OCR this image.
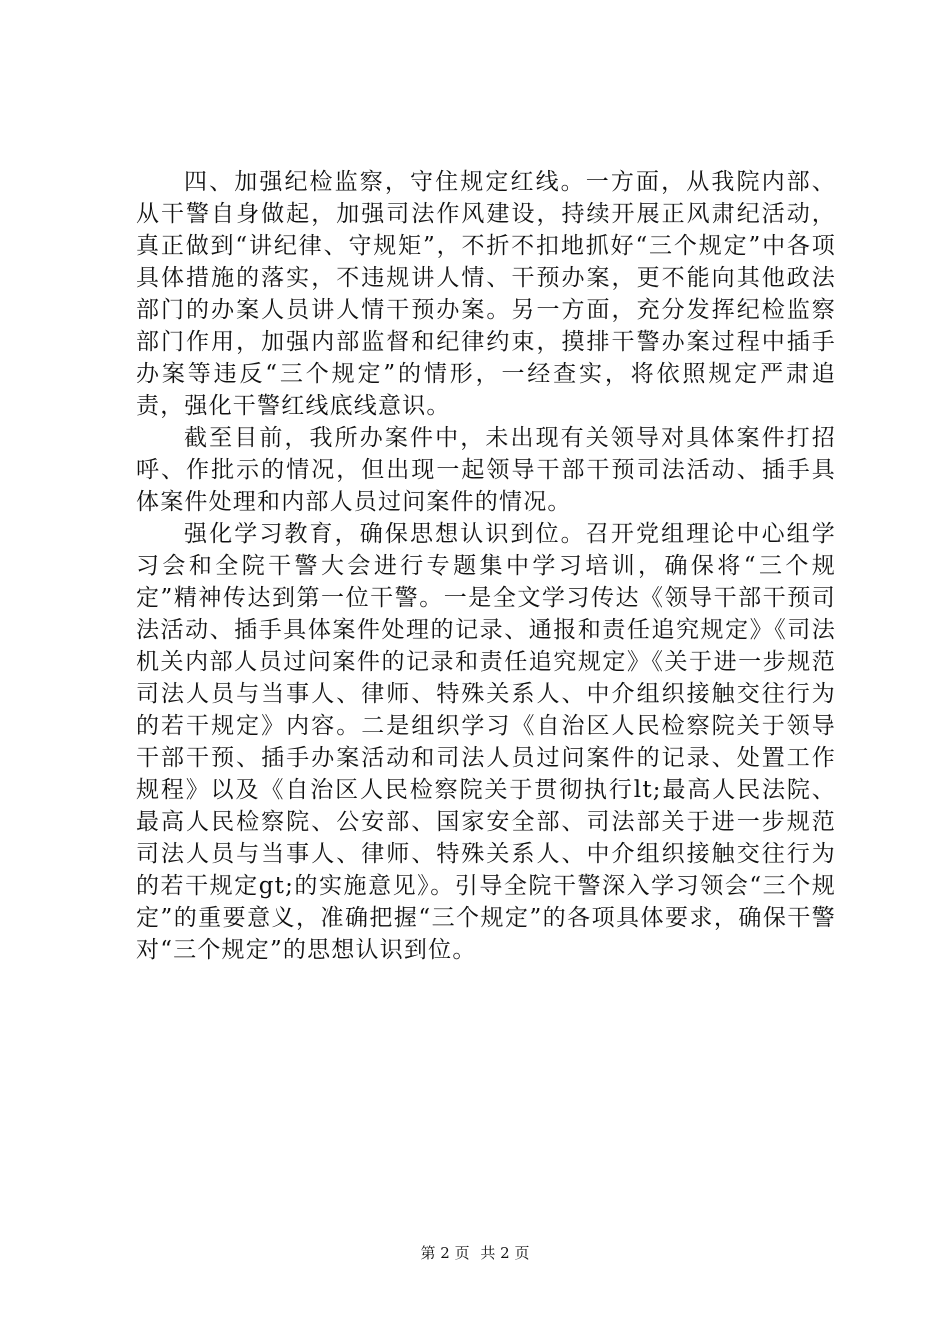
四、加强纪检监察，守住规定红线。一方面，从我院内部、从干警自身做起，加强司法作风建设，持续开展正风肃纪活动，真正做到“讲纪律、守规矩”，不折不扣地抓好“三个规定”中各项具体措施的落实，不违规讲人情、干预办案，更不能向其他政法部门的办案人员讲人情干预办案。另一方面，充分发挥纪检监察部门作用，加强内部监督和纪律约束，摸排干警办案过程中插手办案等违反“三个规定”的情形，一经查实，将依照规定严肃追责，强化干警红线底线意识。

截至目前，我所办案件中，未出现有关领导对具体案件打招呼、作批示的情况，但出现一起领导干部干预司法活动、插手具体案件处理和内部人员过问案件的情况。

强化学习教育，确保思想认识到位。召开党组理论中心组学习会和全院干警大会进行专题集中学习培训，确保将“三个规定”精神传达到第一位干警。一是全文学习传达《领导干部干预司法活动、插手具体案件处理的记录、通报和责任追究规定》《司法机关内部人员过问案件的记录和责任追究规定》《关于进一步规范司法人员与当事人、律师、特殊关系人、中介组织接触交往行为的若干规定》内容。二是组织学习《自治区人民检察院关于领导干部干预、插手办案活动和司法人员过问案件的记录、处置工作规程》以及《自治区人民检察院关于贯彻执行lt;最高人民法院、最高人民检察院、公安部、国家安全部、司法部关于进一步规范司法人员与当事人、律师、特殊关系人、中介组织接触交往行为的若干规定gt;的实施意见》。引导全院干警深入学习领会“三个规定”的重要意义，准确把握“三个规定”的各项具体要求，确保干警对“三个规定”的思想认识到位。

第 2 页 共 2 页
